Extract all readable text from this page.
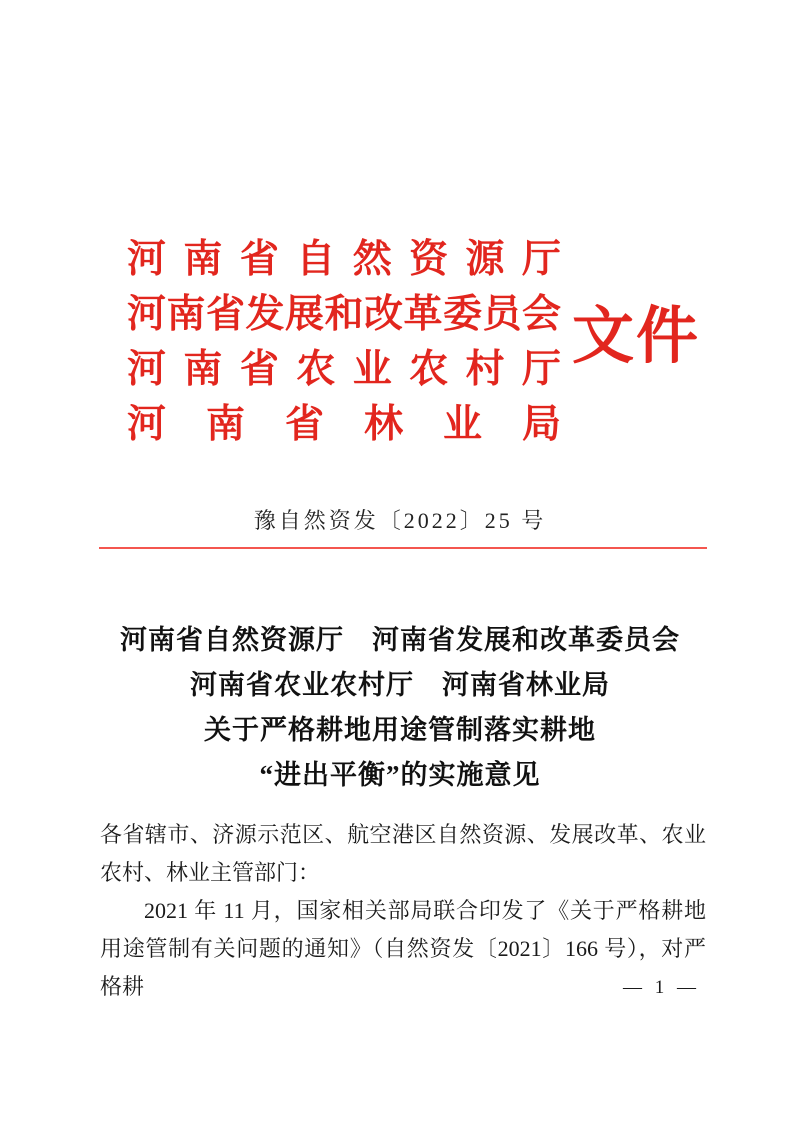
河南省自然资源厅
河南省发展和改革委员会
河南省农业农村厅
河南省林业局
文件
豫自然资发〔2022〕25 号
河南省自然资源厅　河南省发展和改革委员会
河南省农业农村厅　河南省林业局
关于严格耕地用途管制落实耕地
“进出平衡”的实施意见

各省辖市、济源示范区、航空港区自然资源、发展改革、农业农村、林业主管部门：

2021 年 11 月，国家相关部局联合印发了《关于严格耕地用途管制有关问题的通知》（自然资发〔2021〕166 号），对严格耕	— 1 —
